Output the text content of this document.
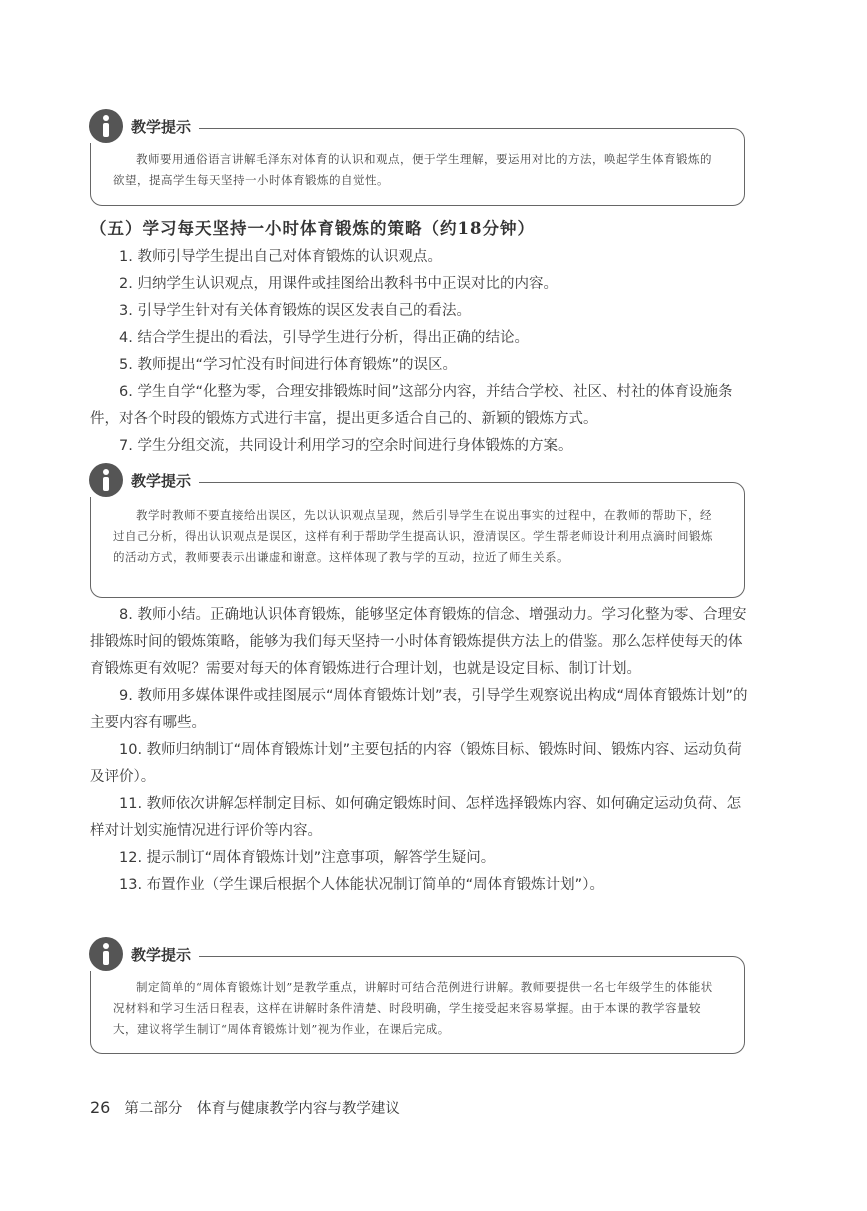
教学提示
教师要用通俗语言讲解毛泽东对体育的认识和观点，便于学生理解，要运用对比的方法，唤起学生体育锻炼的欲望，提高学生每天坚持一小时体育锻炼的自觉性。
（五）学习每天坚持一小时体育锻炼的策略（约18分钟）

1. 教师引导学生提出自己对体育锻炼的认识观点。

2. 归纳学生认识观点，用课件或挂图给出教科书中正误对比的内容。

3. 引导学生针对有关体育锻炼的误区发表自己的看法。

4. 结合学生提出的看法，引导学生进行分析，得出正确的结论。

5. 教师提出“学习忙没有时间进行体育锻炼”的误区。

6. 学生自学“化整为零，合理安排锻炼时间”这部分内容，并结合学校、社区、村社的体育设施条件，对各个时段的锻炼方式进行丰富，提出更多适合自己的、新颖的锻炼方式。

7. 学生分组交流，共同设计利用学习的空余时间进行身体锻炼的方案。

教学提示
教学时教师不要直接给出误区，先以认识观点呈现，然后引导学生在说出事实的过程中，在教师的帮助下，经过自己分析，得出认识观点是误区，这样有利于帮助学生提高认识，澄清误区。学生帮老师设计利用点滴时间锻炼的活动方式，教师要表示出谦虚和谢意。这样体现了教与学的互动，拉近了师生关系。

8. 教师小结。正确地认识体育锻炼，能够坚定体育锻炼的信念、增强动力。学习化整为零、合理安排锻炼时间的锻炼策略，能够为我们每天坚持一小时体育锻炼提供方法上的借鉴。那么怎样使每天的体育锻炼更有效呢？需要对每天的体育锻炼进行合理计划，也就是设定目标、制订计划。

9. 教师用多媒体课件或挂图展示“周体育锻炼计划”表，引导学生观察说出构成“周体育锻炼计划”的主要内容有哪些。

10. 教师归纳制订“周体育锻炼计划”主要包括的内容（锻炼目标、锻炼时间、锻炼内容、运动负荷及评价）。

11. 教师依次讲解怎样制定目标、如何确定锻炼时间、怎样选择锻炼内容、如何确定运动负荷、怎样对计划实施情况进行评价等内容。

12. 提示制订“周体育锻炼计划”注意事项，解答学生疑问。

13. 布置作业（学生课后根据个人体能状况制订简单的“周体育锻炼计划”）。

教学提示
制定简单的“周体育锻炼计划”是教学重点，讲解时可结合范例进行讲解。教师要提供一名七年级学生的体能状况材料和学习生活日程表，这样在讲解时条件清楚、时段明确，学生接受起来容易掌握。由于本课的教学容量较大，建议将学生制订“周体育锻炼计划”视为作业，在课后完成。
26 第二部分　体育与健康教学内容与教学建议
